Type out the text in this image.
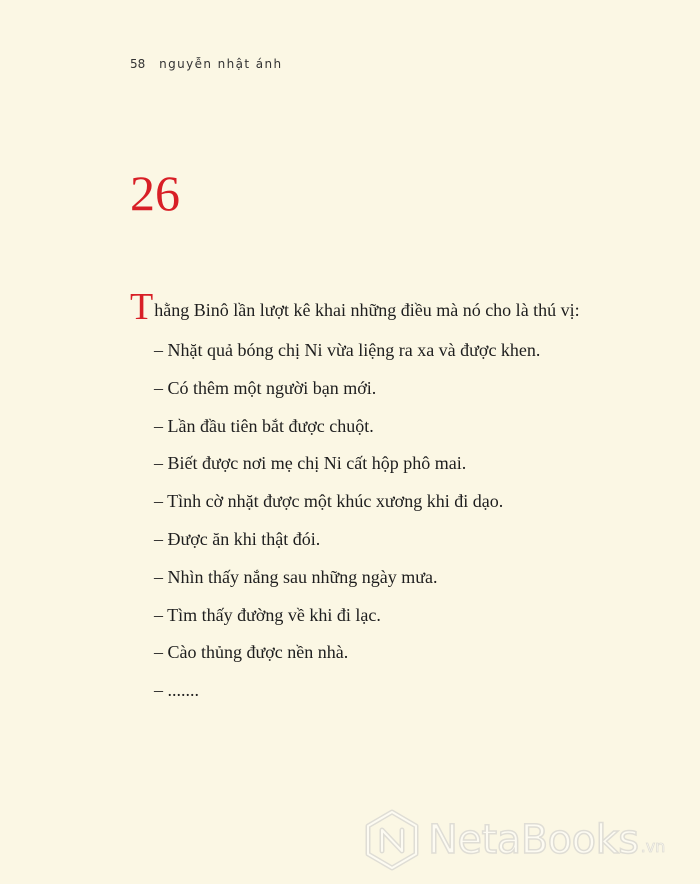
58 nguyễn nhật ánh
26

Thằng Binô lần lượt kê khai những điều mà nó cho là thú vị:

– Nhặt quả bóng chị Ni vừa liệng ra xa và được khen.
– Có thêm một người bạn mới.
– Lần đầu tiên bắt được chuột.
– Biết được nơi mẹ chị Ni cất hộp phô mai.
– Tình cờ nhặt được một khúc xương khi đi dạo.
– Được ăn khi thật đói.
– Nhìn thấy nắng sau những ngày mưa.
– Tìm thấy đường về khi đi lạc.
– Cào thủng được nền nhà.
– .......
NetaBooks .vn
